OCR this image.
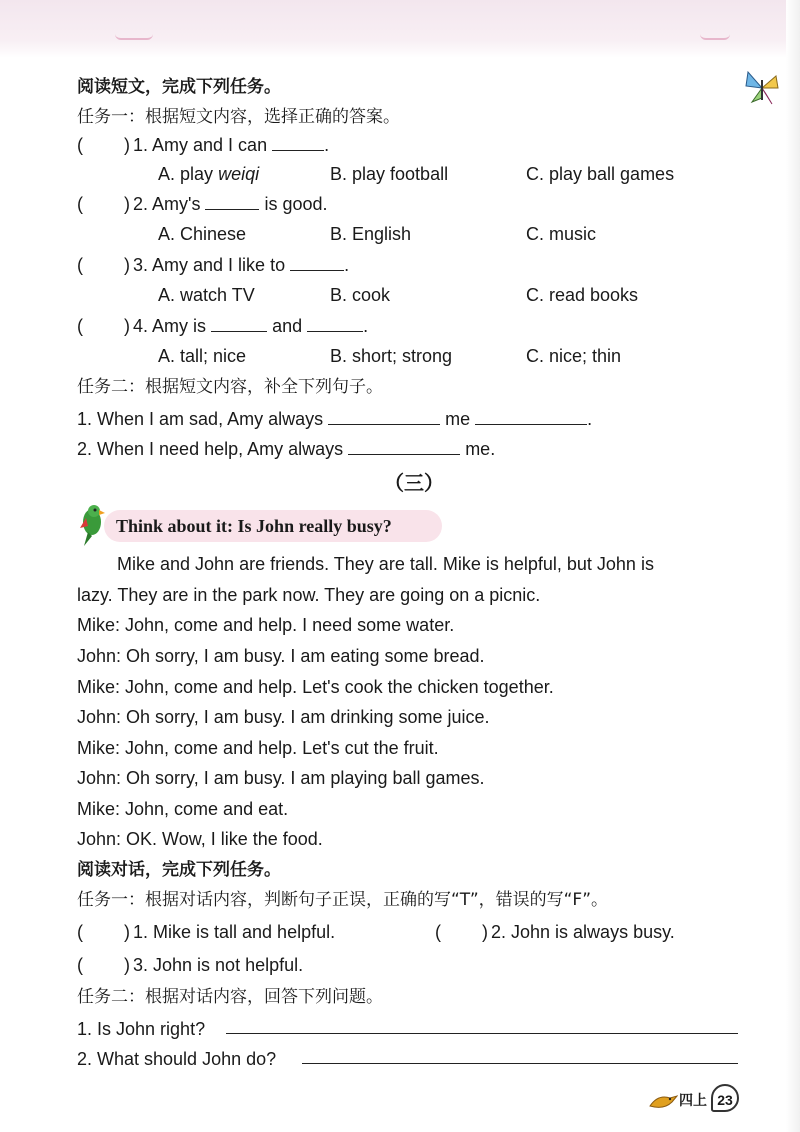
阅读短文，完成下列任务。
任务一：根据短文内容，选择正确的答案。
( ) 1. Amy and I can	.
A. play weiqi	B. play football	C. play ball games
( ) 2. Amy's	is good.
A. Chinese	B. English	C. music
( ) 3. Amy and I like to	.
A. watch TV	B. cook	C. read books
( ) 4. Amy is	and	.
A. tall; nice	B. short; strong	C. nice; thin
任务二：根据短文内容，补全下列句子。
1. When I am sad, Amy always	me	.
2. When I need help, Amy always	me.
（三）
Think about it: Is John really busy?
Mike and John are friends. They are tall. Mike is helpful, but John is
lazy. They are in the park now. They are going on a picnic.
Mike: John, come and help. I need some water.
John: Oh sorry, I am busy. I am eating some bread.
Mike: John, come and help. Let's cook the chicken together.
John: Oh sorry, I am busy. I am drinking some juice.
Mike: John, come and help. Let's cut the fruit.
John: Oh sorry, I am busy. I am playing ball games.
Mike: John, come and eat.
John: OK. Wow, I like the food.
阅读对话，完成下列任务。
任务一：根据对话内容，判断句子正误，正确的写“T”，错误的写“F”。
( ) 1. Mike is tall and helpful.	( ) 2. John is always busy.
( ) 3. John is not helpful.
任务二：根据对话内容，回答下列问题。
1. Is John right?
2. What should John do?
四上 23
